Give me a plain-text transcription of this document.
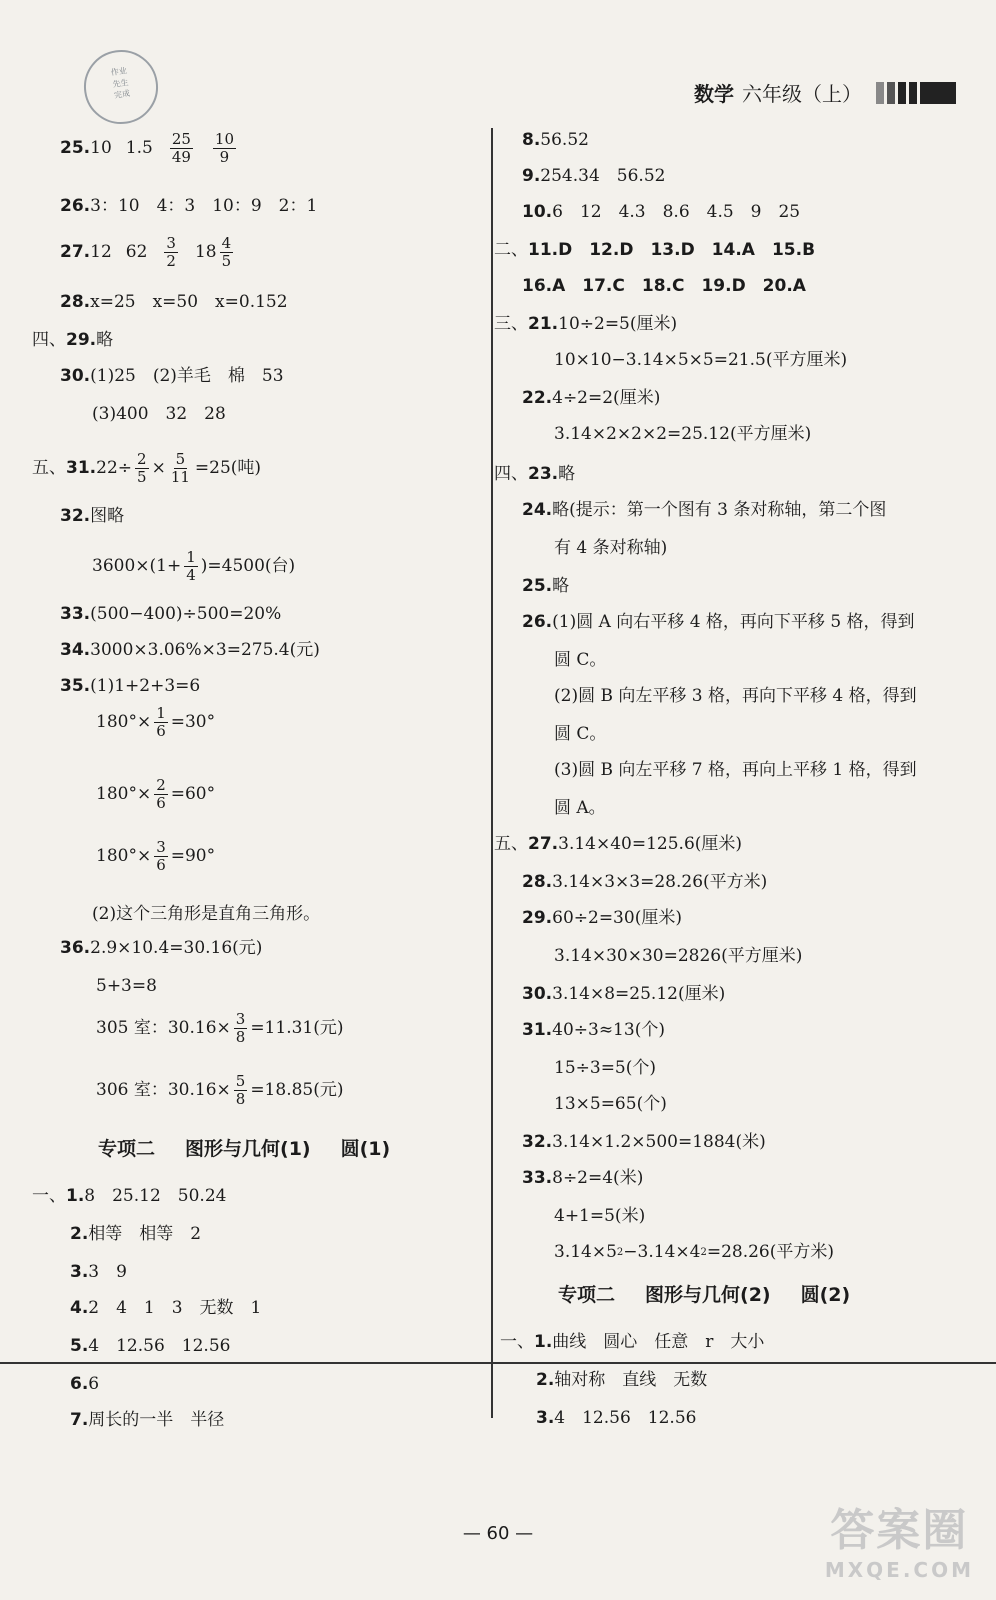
作业
先生
完成	数学 六年级（上）
25. 10 $1.5 \frac{25}{49} \frac{10}{9}$
26. 3：10　4：3　10：9　2：1
27. 12 $62 \frac{3}{2} 18 \frac{4}{5}$
28. x=25　x=50　x=0.152
四、 29. 略
30. (1)25　(2)羊毛　棉　53
(3)400　32　28
五、 31. $22\div \frac{2}{5} \times \frac{5}{11} =25$(吨)
32. 图略
$3600\times(1+ \frac{1}{4} )=4500$(台)
33. (500−400)÷500=20%
34. 3000×3.06%×3=275.4(元)
35. (1)1+2+3=6
$180^\circ\times \frac{1}{6} =30^\circ$
$180^\circ\times \frac{2}{6} =60^\circ$
$180^\circ\times \frac{3}{6} =90^\circ$
(2)这个三角形是直角三角形。
36. 2.9×10.4=30.16(元)
5+3=8
305 室：$30.16\times \frac{3}{8} =11.31$(元)
306 室：$30.16\times \frac{5}{8} =18.85$(元)
专项二 图形与几何(1) 圆(1)
一、 1. 8　25.12　50.24
2. 相等　相等　2
3. 3　9
4. 2　4　1　3　无数　1
5. 4　12.56　12.56
6. 6
7. 周长的一半　半径
8. 56.52
9. 254.34　56.52
10. 6　12　4.3　8.6　4.5　9　25
二、 11.D　12.D　13.D　14.A　15.B
16.A　17.C　18.C　19.D　20.A
三、 21. 10÷2=5(厘米)
10×10−3.14×5×5=21.5(平方厘米)
22. 4÷2=2(厘米)
3.14×2×2×2=25.12(平方厘米)
四、 23. 略
24. 略(提示：第一个图有 3 条对称轴，第二个图
有 4 条对称轴)
25. 略
26. (1)圆 A 向右平移 4 格，再向下平移 5 格，得到
圆 C。
(2)圆 B 向左平移 3 格，再向下平移 4 格，得到
圆 C。
(3)圆 B 向左平移 7 格，再向上平移 1 格，得到
圆 A。
五、 27. 3.14×40=125.6(厘米)
28. 3.14×3×3=28.26(平方米)
29. 60÷2=30(厘米)
3.14×30×30=2826(平方厘米)
30. 3.14×8=25.12(厘米)
31. 40÷3≈13(个)
15÷3=5(个)
13×5=65(个)
32. 3.14×1.2×500=1884(米)
33. 8÷2=4(米)
4+1=5(米)
3.14×5 2 −3.14×4 2 =28.26(平方米)
专项二 图形与几何(2) 圆(2)
一、 1. 曲线　圆心　任意　r　大小
2. 轴对称　直线　无数
3. 4　12.56　12.56
— 60 —	答案圈
MXQE.COM
